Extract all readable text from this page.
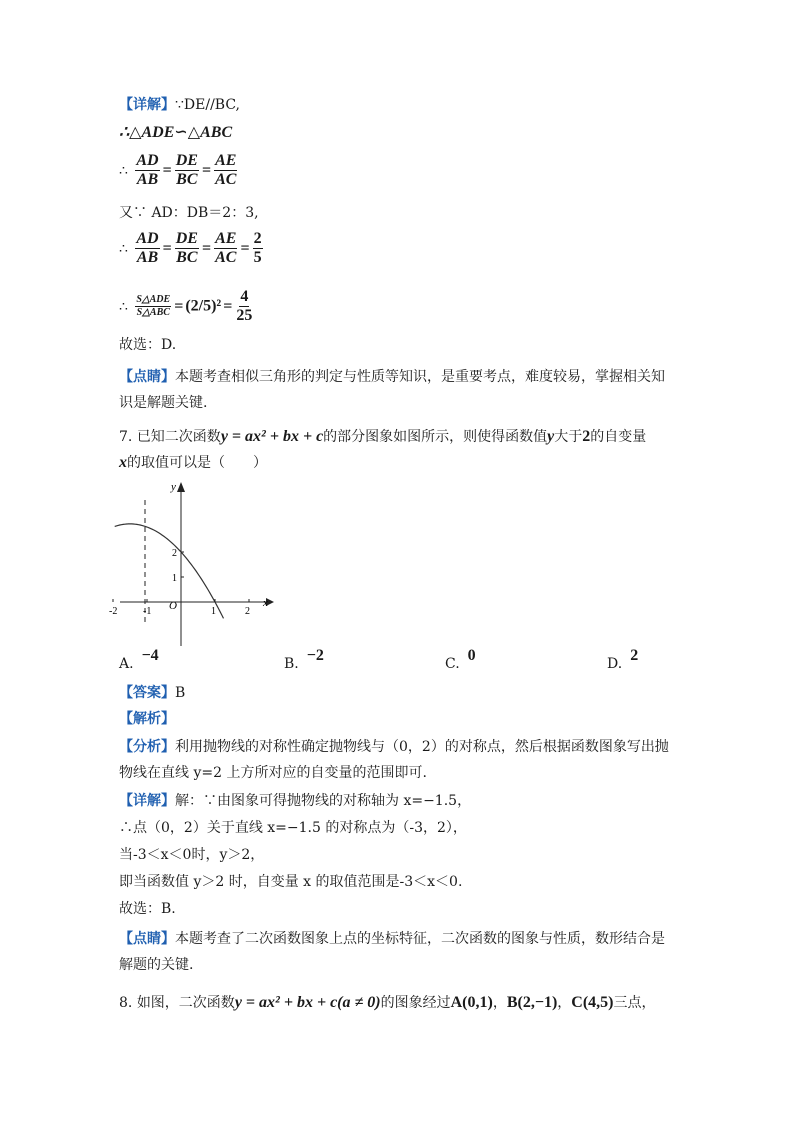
【详解】∵DE//BC,
∴△ADE∽△ABC
∴ $\frac{AD}{AB} = \frac{DE}{BC} = \frac{AE}{AC}$
又∵ AD：DB＝2：3,
∴ $\frac{AD}{AB} = \frac{DE}{BC} = \frac{AE}{AC} = \frac{2}{5}$
∴ $\frac{\text{S△ADE}}{\text{S△ABC}} = (2/5)^2 = \frac{4}{25}$
故选：D.
【点睛】本题考查相似三角形的判定与性质等知识，是重要考点，难度较易，掌握相关知
识是解题关键.
7. 已知二次函数y = ax² + bx + c的部分图象如图所示，则使得函数值y大于2的自变量
x的取值可以是（　　）
-2	-1	1	2
1
2
x
y
O
A. −4	B. −2	C. 0	D. 2
【答案】B
【解析】
【分析】利用抛物线的对称性确定抛物线与（0，2）的对称点，然后根据函数图象写出抛
物线在直线 y=2 上方所对应的自变量的范围即可.
【详解】解：∵由图象可得抛物线的对称轴为 x=−1.5，
∴点（0，2）关于直线 x=−1.5 的对称点为（-3，2），
当-3＜x＜0时，y＞2，
即当函数值 y＞2 时，自变量 x 的取值范围是-3＜x＜0.
故选：B.
【点睛】本题考查了二次函数图象上点的坐标特征，二次函数的图象与性质，数形结合是
解题的关键.
8. 如图，二次函数y = ax² + bx + c(a ≠ 0)的图象经过A(0,1)，B(2,−1)，C(4,5)三点，
